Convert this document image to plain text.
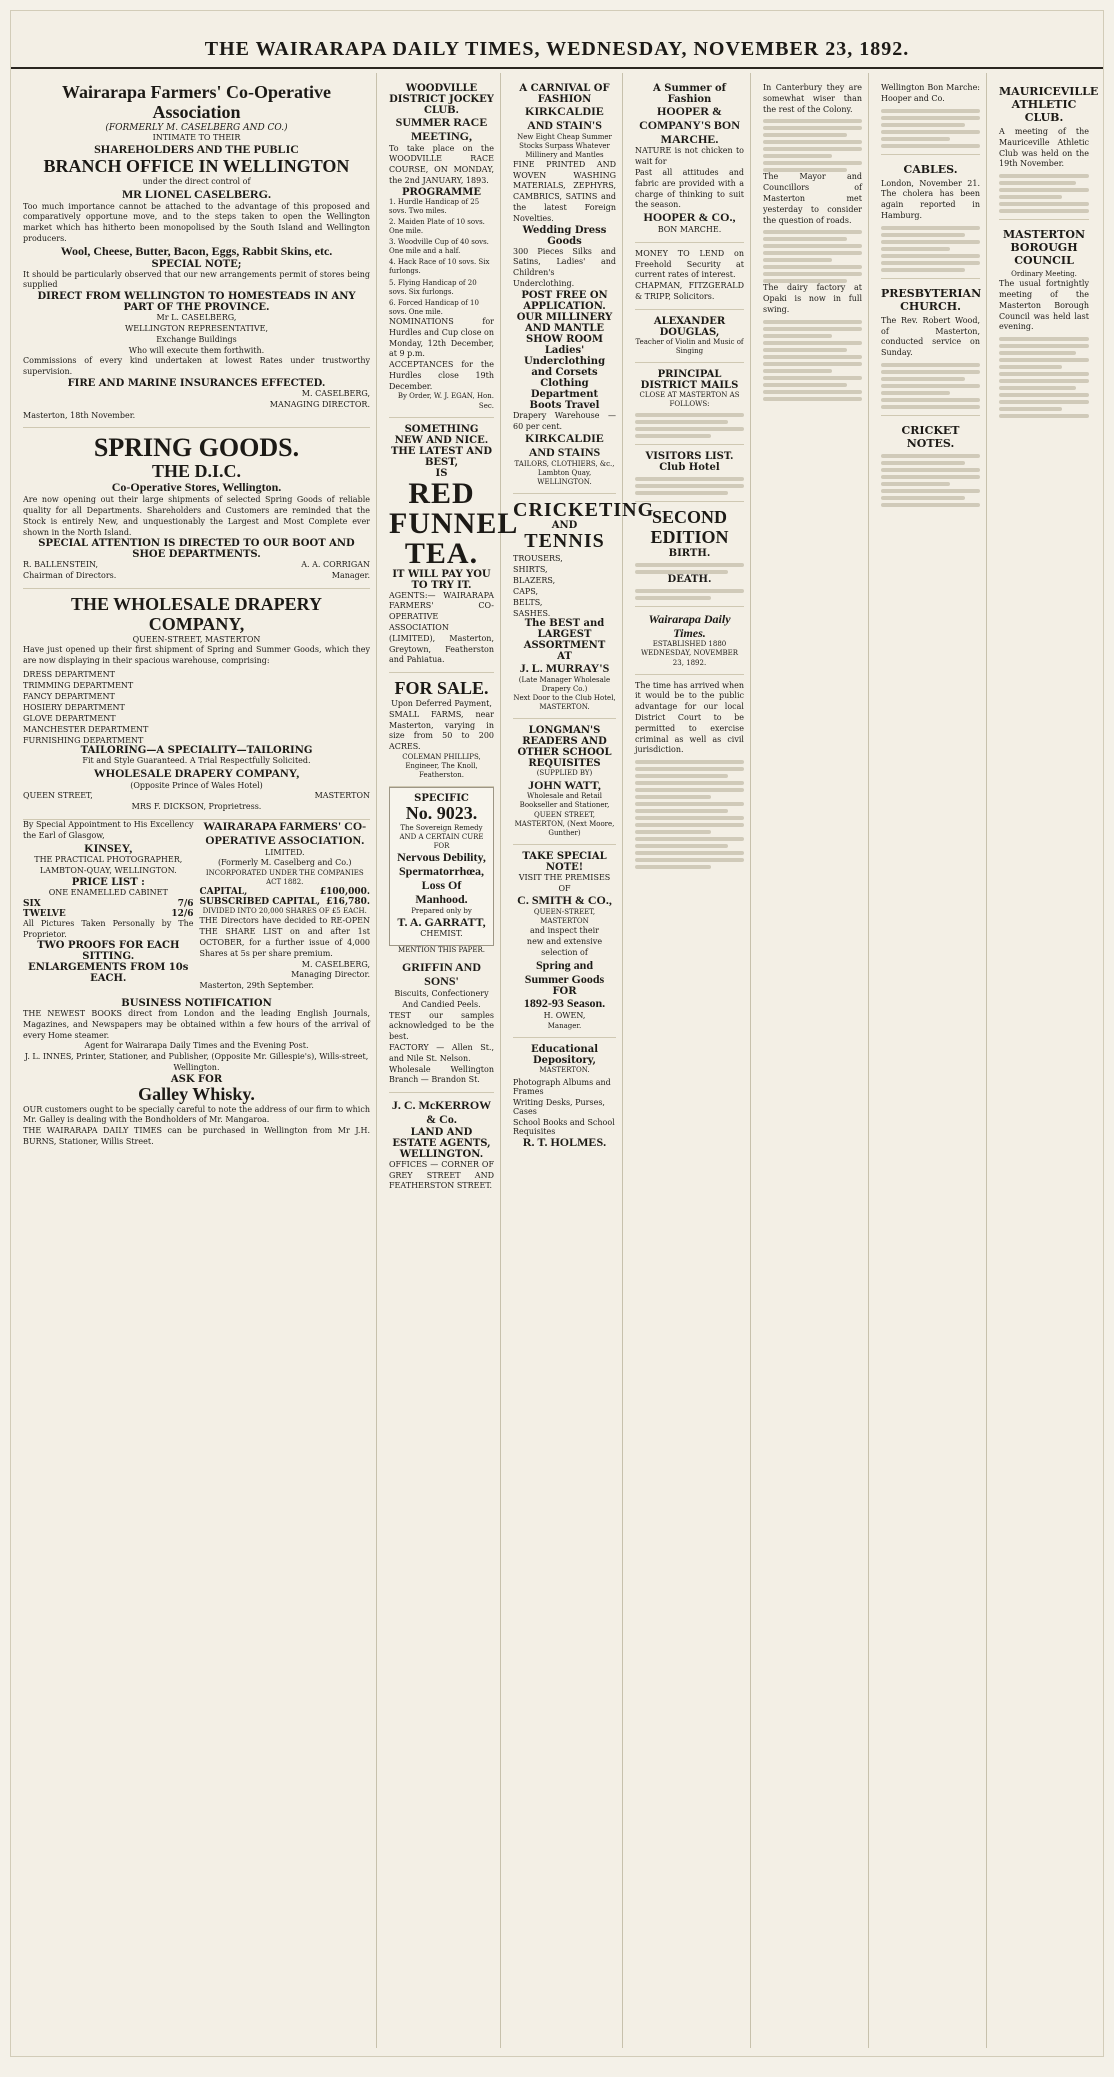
THE WAIRARAPA DAILY TIMES, WEDNESDAY, NOVEMBER 23, 1892.
Wairarapa Farmers' Co-Operative Association
(FORMERLY M. CASELBERG AND CO.)
INTIMATE TO THEIR
SHAREHOLDERS AND THE PUBLIC
BRANCH OFFICE IN WELLINGTON
under the direct control of
MR LIONEL CASELBERG.
Too much importance cannot be attached to the advantage of this proposed and comparatively opportune move, and to the steps taken to open the Wellington market which has hitherto been monopolised by the South Island and Wellington producers.
Wool, Cheese, Butter, Bacon, Eggs, Rabbit Skins, etc.
SPECIAL NOTE;
It should be particularly observed that our new arrangements permit of stores being supplied
DIRECT FROM WELLINGTON TO HOMESTEADS IN ANY PART OF THE PROVINCE.
Mr L. CASELBERG,
WELLINGTON REPRESENTATIVE,
Exchange Buildings
Who will execute them forthwith.
Commissions of every kind undertaken at lowest Rates under trustworthy supervision.
FIRE AND MARINE INSURANCES EFFECTED.
M. CASELBERG,
MANAGING DIRECTOR.
Masterton, 18th November.
SPRING GOODS.
THE D.I.C.
Co-Operative Stores, Wellington.
Are now opening out their large shipments of selected Spring Goods of reliable quality for all Departments. Shareholders and Customers are reminded that the Stock is entirely New, and unquestionably the Largest and Most Complete ever shown in the North Island.
SPECIAL ATTENTION IS DIRECTED TO OUR BOOT AND SHOE DEPARTMENTS.
R. BALLENSTEIN,
Chairman of Directors.
A. A. CORRIGAN
Manager.
THE WHOLESALE DRAPERY COMPANY,
QUEEN-STREET, MASTERTON
Have just opened up their first shipment of Spring and Summer Goods, which they are now displaying in their spacious warehouse, comprising:
DRESS DEPARTMENT
TRIMMING DEPARTMENT
FANCY DEPARTMENT
HOSIERY DEPARTMENT
GLOVE DEPARTMENT
MANCHESTER DEPARTMENT
FURNISHING DEPARTMENT
TAILORING—A SPECIALITY—TAILORING
Fit and Style Guaranteed. A Trial Respectfully Solicited.
WHOLESALE DRAPERY COMPANY,
(Opposite Prince of Wales Hotel)
QUEEN STREET,	MASTERTON
MRS F. DICKSON, Proprietress.
By Special Appointment to His Excellency the Earl of Glasgow,
KINSEY,
THE PRACTICAL PHOTOGRAPHER,
LAMBTON-QUAY, WELLINGTON.
PRICE LIST :
ONE ENAMELLED CABINET
SIX	7/6
TWELVE	12/6
All Pictures Taken Personally by The Proprietor.
TWO PROOFS FOR EACH SITTING.
ENLARGEMENTS FROM 10s EACH.
WAIRARAPA FARMERS' CO-OPERATIVE ASSOCIATION.
LIMITED.
(Formerly M. Caselberg and Co.)
INCORPORATED UNDER THE COMPANIES ACT 1882.
CAPITAL,	£100,000.
SUBSCRIBED CAPITAL, £16,780.
DIVIDED INTO 20,000 SHARES OF £5 EACH.
THE Directors have decided to RE-OPEN THE SHARE LIST on and after 1st OCTOBER, for a further issue of 4,000 Shares at 5s per share premium.
M. CASELBERG,
Managing Director.
Masterton, 29th September.
BUSINESS NOTIFICATION
THE NEWEST BOOKS direct from London and the leading English Journals, Magazines, and Newspapers may be obtained within a few hours of the arrival of every Home steamer.
Agent for Wairarapa Daily Times and the Evening Post.
J. L. INNES, Printer, Stationer, and Publisher, (Opposite Mr. Gillespie's), Wills-street, Wellington.
ASK FOR
Galley Whisky.
OUR customers ought to be specially careful to note the address of our firm to which Mr. Galley is dealing with the Bondholders of Mr. Mangaroa.
THE WAIRARAPA DAILY TIMES can be purchased in Wellington from Mr J.H. BURNS, Stationer, Willis Street.
WOODVILLE DISTRICT JOCKEY CLUB.
SUMMER RACE MEETING,
To take place on the WOODVILLE RACE COURSE, ON MONDAY, the 2nd JANUARY, 1893.
PROGRAMME
1. Hurdle Handicap of 25 sovs. Two miles.
2. Maiden Plate of 10 sovs. One mile.
3. Woodville Cup of 40 sovs. One mile and a half.
4. Hack Race of 10 sovs. Six furlongs.
5. Flying Handicap of 20 sovs. Six furlongs.
6. Forced Handicap of 10 sovs. One mile.
NOMINATIONS for Hurdles and Cup close on Monday, 12th December, at 9 p.m.
ACCEPTANCES for the Hurdles close 19th December.
By Order, W. J. EGAN, Hon. Sec.
SOMETHING NEW AND NICE.
THE LATEST AND BEST,
IS
RED FUNNEL TEA.
IT WILL PAY YOU TO TRY IT.
AGENTS:— WAIRARAPA FARMERS' CO-OPERATIVE ASSOCIATION (LIMITED), Masterton, Greytown, Featherston and Pahiatua.
FOR SALE.
Upon Deferred Payment,
SMALL FARMS, near Masterton, varying in size from 50 to 200 ACRES.
COLEMAN PHILLIPS, Engineer, The Knoll, Featherston.
SPECIFIC
No. 9023.
The Sovereign Remedy AND A CERTAIN CURE FOR
Nervous Debility,
Spermatorrhœa,
Loss Of Manhood.
Prepared only by
T. A. GARRATT,
CHEMIST.
MENTION THIS PAPER.
GRIFFIN AND SONS'
Biscuits, Confectionery And Candied Peels.
TEST our samples acknowledged to be the best.
FACTORY — Allen St., and Nile St. Nelson.
Wholesale Wellington Branch — Brandon St.
J. C. McKERROW & Co.
LAND AND ESTATE AGENTS,
WELLINGTON.
OFFICES — CORNER OF GREY STREET AND FEATHERSTON STREET.
A CARNIVAL OF FASHION
KIRKCALDIE AND STAIN'S
New Eight Cheap Summer Stocks Surpass Whatever Millinery and Mantles
FINE PRINTED AND WOVEN WASHING MATERIALS, ZEPHYRS, CAMBRICS, SATINS and the latest Foreign Novelties.
Wedding Dress Goods
300 Pieces Silks and Satins, Ladies' and Children's Underclothing.
POST FREE ON APPLICATION.
OUR MILLINERY AND MANTLE SHOW ROOM
Ladies' Underclothing and Corsets
Clothing Department
Boots Travel
Drapery Warehouse — 60 per cent.
KIRKCALDIE AND STAINS
TAILORS, CLOTHIERS, &c., Lambton Quay, WELLINGTON.
CRICKETING
AND
TENNIS
TROUSERS,
SHIRTS,
BLAZERS,
CAPS,
BELTS,
SASHES.
The BEST and LARGEST ASSORTMENT
AT
J. L. MURRAY'S
(Late Manager Wholesale Drapery Co.)
Next Door to the Club Hotel, MASTERTON.
LONGMAN'S READERS AND OTHER SCHOOL REQUISITES
(SUPPLIED BY)
JOHN WATT,
Wholesale and Retail Bookseller and Stationer,
QUEEN STREET, MASTERTON, (Next Moore, Gunther)
TAKE SPECIAL NOTE!
VISIT THE PREMISES OF
C. SMITH & CO.,
QUEEN-STREET, MASTERTON
and inspect their
new and extensive selection of
Spring and Summer Goods
FOR
1892-93 Season.
H. OWEN,
Manager.
Educational Depository,
MASTERTON.
Photograph Albums and Frames
Writing Desks, Purses, Cases
School Books and School Requisites
R. T. HOLMES.
A Summer of Fashion
HOOPER & COMPANY'S BON MARCHE.
NATURE is not chicken to wait for
Past all attitudes and fabric are provided with a charge of thinking to suit the season.
HOOPER & CO.,
BON MARCHE.
MONEY TO LEND on Freehold Security at current rates of interest.
CHAPMAN, FITZGERALD & TRIPP, Solicitors.
ALEXANDER DOUGLAS,
Teacher of Violin and Music of Singing
PRINCIPAL DISTRICT MAILS
CLOSE AT MASTERTON AS FOLLOWS:
VISITORS LIST. Club Hotel
SECOND EDITION
BIRTH.
DEATH.
Wairarapa Daily Times.
ESTABLISHED 1880
WEDNESDAY, NOVEMBER 23, 1892.
The time has arrived when it would be to the public advantage for our local District Court to be permitted to exercise criminal as well as civil jurisdiction.
In Canterbury they are somewhat wiser than the rest of the Colony.
The Mayor and Councillors of Masterton met yesterday to consider the question of roads.
The dairy factory at Opaki is now in full swing.
Wellington Bon Marche: Hooper and Co.
CABLES.
London, November 21. The cholera has been again reported in Hamburg.
PRESBYTERIAN CHURCH.
The Rev. Robert Wood, of Masterton, conducted service on Sunday.
CRICKET NOTES.
MAURICEVILLE ATHLETIC CLUB.
A meeting of the Mauriceville Athletic Club was held on the 19th November.
MASTERTON BOROUGH COUNCIL
Ordinary Meeting.
The usual fortnightly meeting of the Masterton Borough Council was held last evening.
